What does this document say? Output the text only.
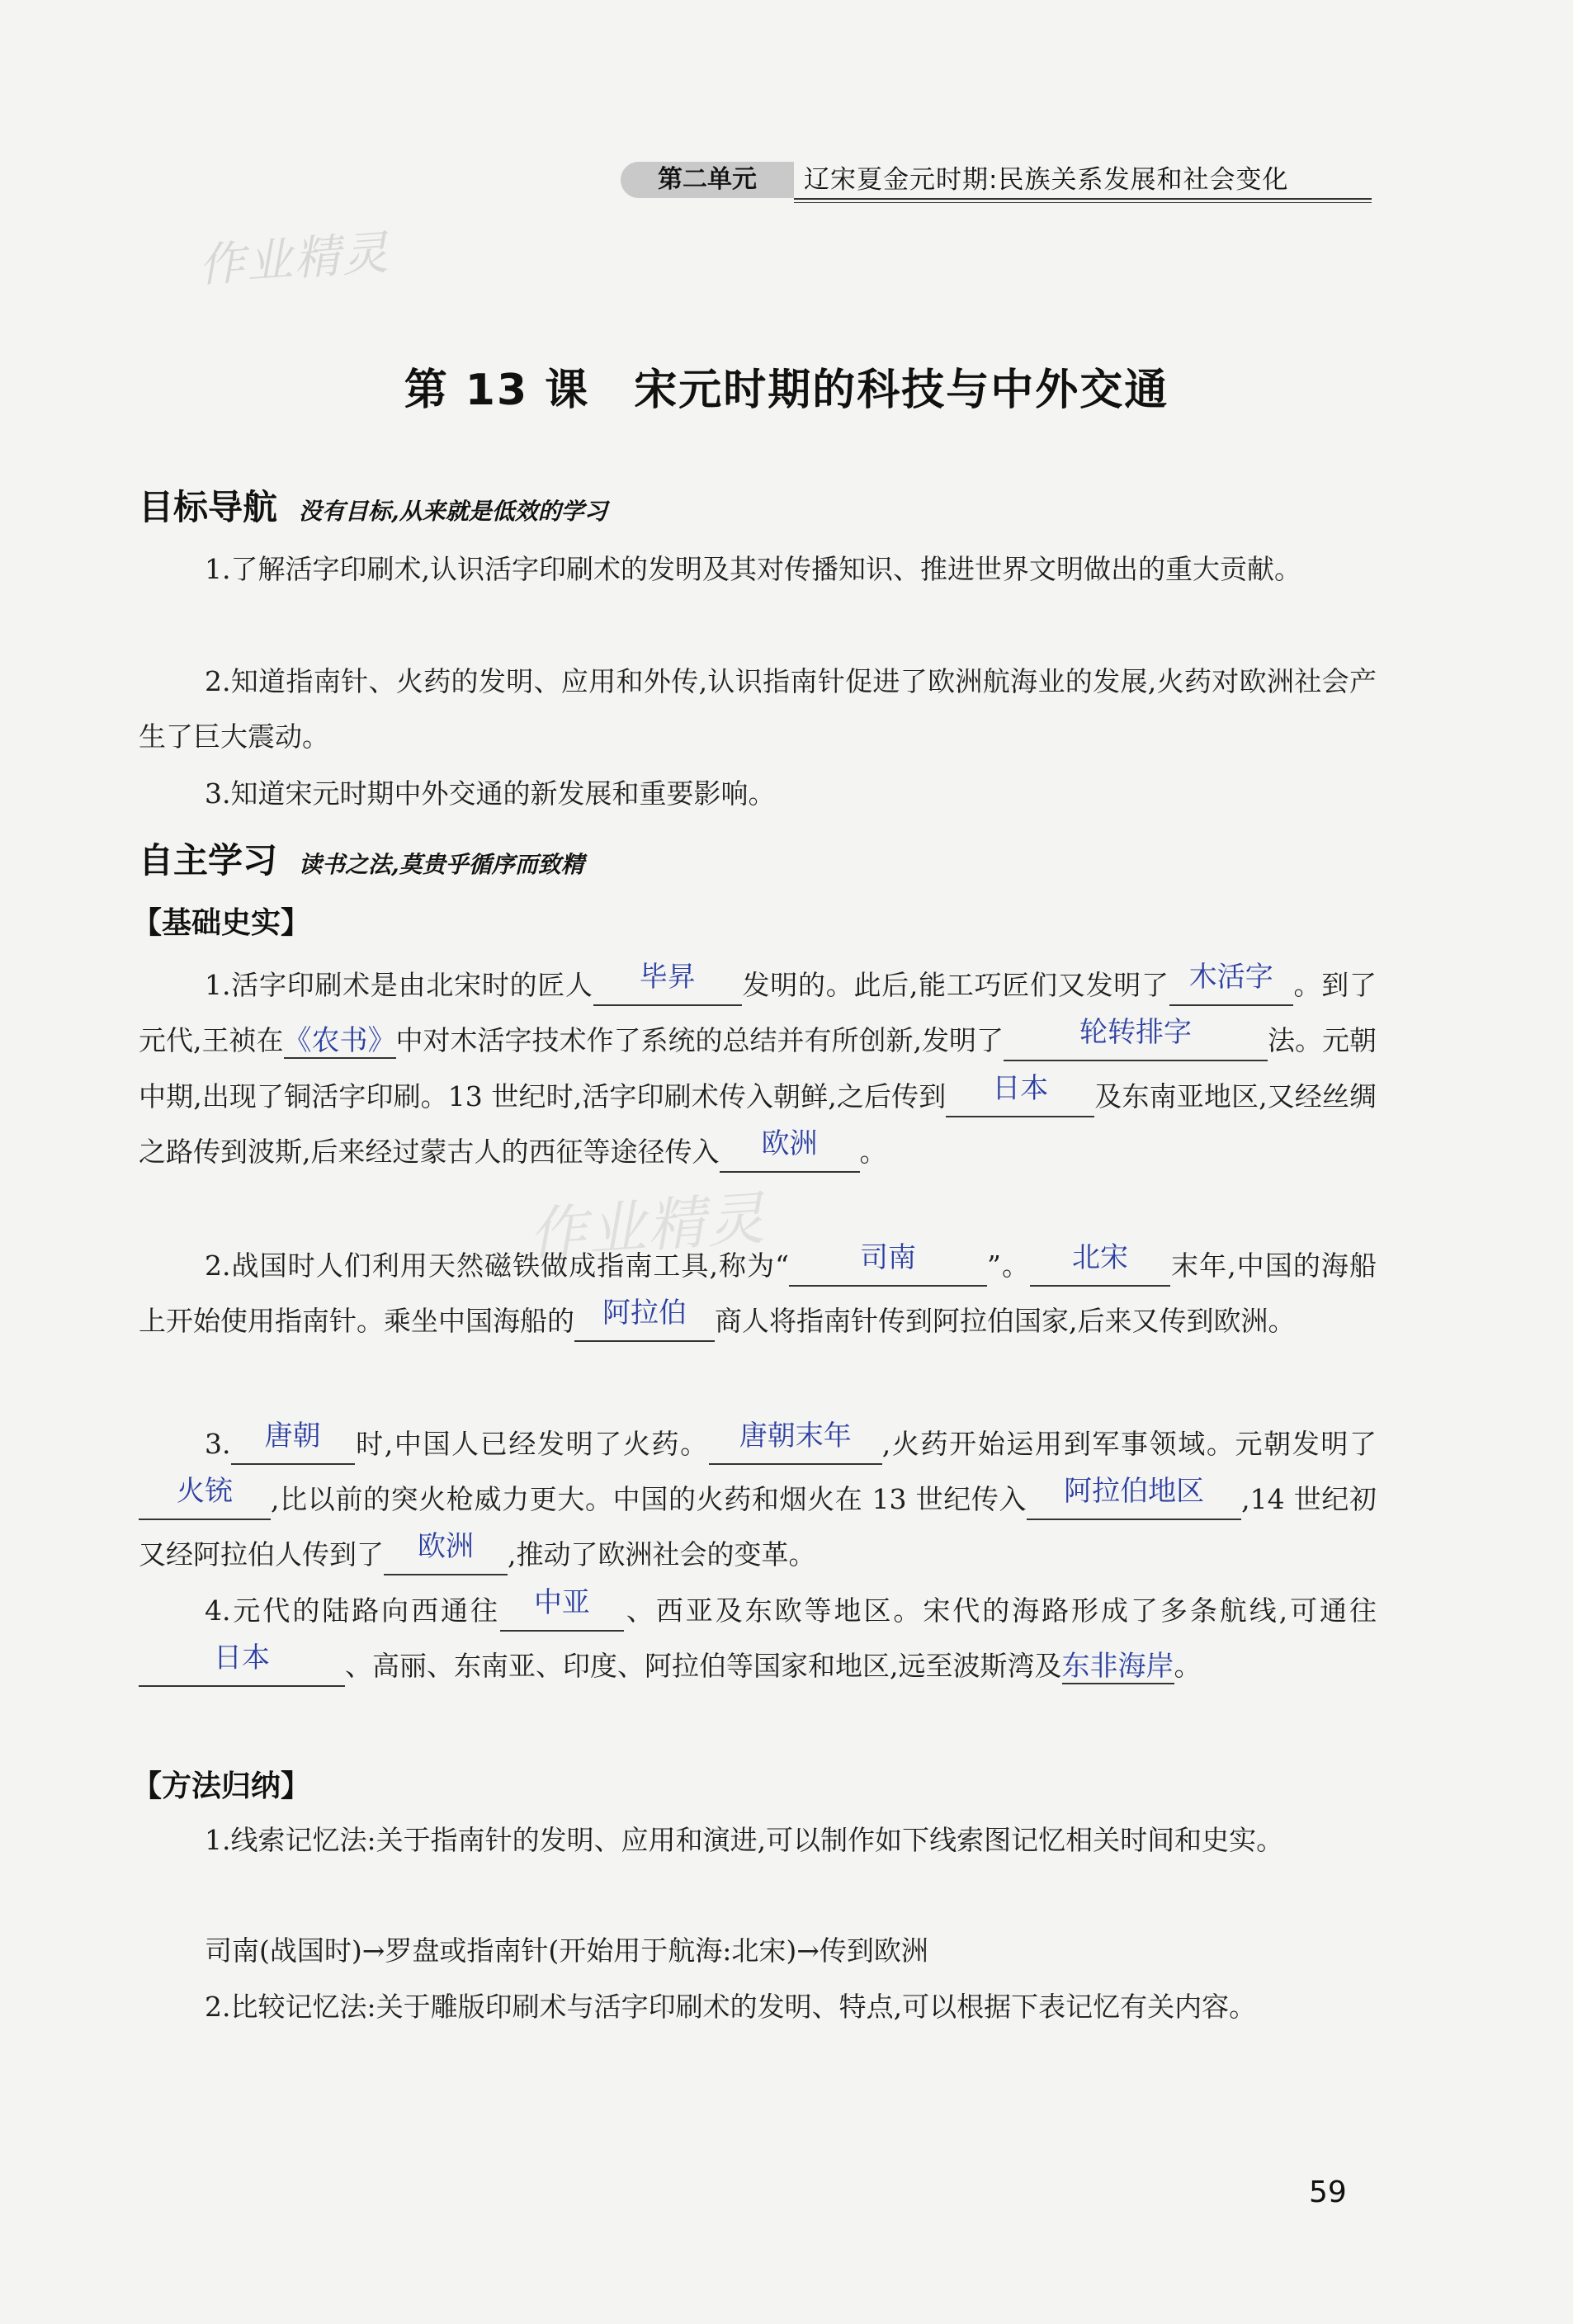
第二单元	辽宋夏金元时期:民族关系发展和社会变化
作业精灵
作业精灵
第 13 课　宋元时期的科技与中外交通
目标导航 没有目标,从来就是低效的学习
1.了解活字印刷术,认识活字印刷术的发明及其对传播知识、推进世界文明做出的重大贡献。
2.知道指南针、火药的发明、应用和外传,认识指南针促进了欧洲航海业的发展,火药对欧洲社会产生了巨大震动。
3.知道宋元时期中外交通的新发展和重要影响。
自主学习 读书之法,莫贵乎循序而致精
【基础史实】
1.活字印刷术是由北宋时的匠人 毕昇 发明的。此后,能工巧匠们又发明了 木活字 。到了元代,王祯在《农书》中对木活字技术作了系统的总结并有所创新,发明了	轮转排字	法。元朝中期,出现了铜活字印刷。13 世纪时,活字印刷术传入朝鲜,之后传到 日本 及东南亚地区,又经丝绸之路传到波斯,后来经过蒙古人的西征等途径传入 欧洲 。
2.战国时人们利用天然磁铁做成指南工具,称为“	司南	”。 北宋 末年,中国的海船上开始使用指南针。乘坐中国海船的 阿拉伯 商人将指南针传到阿拉伯国家,后来又传到欧洲。
3. 唐朝 时,中国人已经发明了火药。 唐朝末年 ,火药开始运用到军事领域。元朝发明了火铳 ,比以前的突火枪威力更大。中国的火药和烟火在 13 世纪传入 阿拉伯地区 ,14 世纪初又经阿拉伯人传到了 欧洲 ,推动了欧洲社会的变革。
4.元代的陆路向西通往 中亚 、西亚及东欧等地区。宋代的海路形成了多条航线,可通往日本	、高丽、东南亚、印度、阿拉伯等国家和地区,远至波斯湾及东非海岸。
【方法归纳】
1.线索记忆法:关于指南针的发明、应用和演进,可以制作如下线索图记忆相关时间和史实。
司南(战国时)→罗盘或指南针(开始用于航海:北宋)→传到欧洲
2.比较记忆法:关于雕版印刷术与活字印刷术的发明、特点,可以根据下表记忆有关内容。
59
